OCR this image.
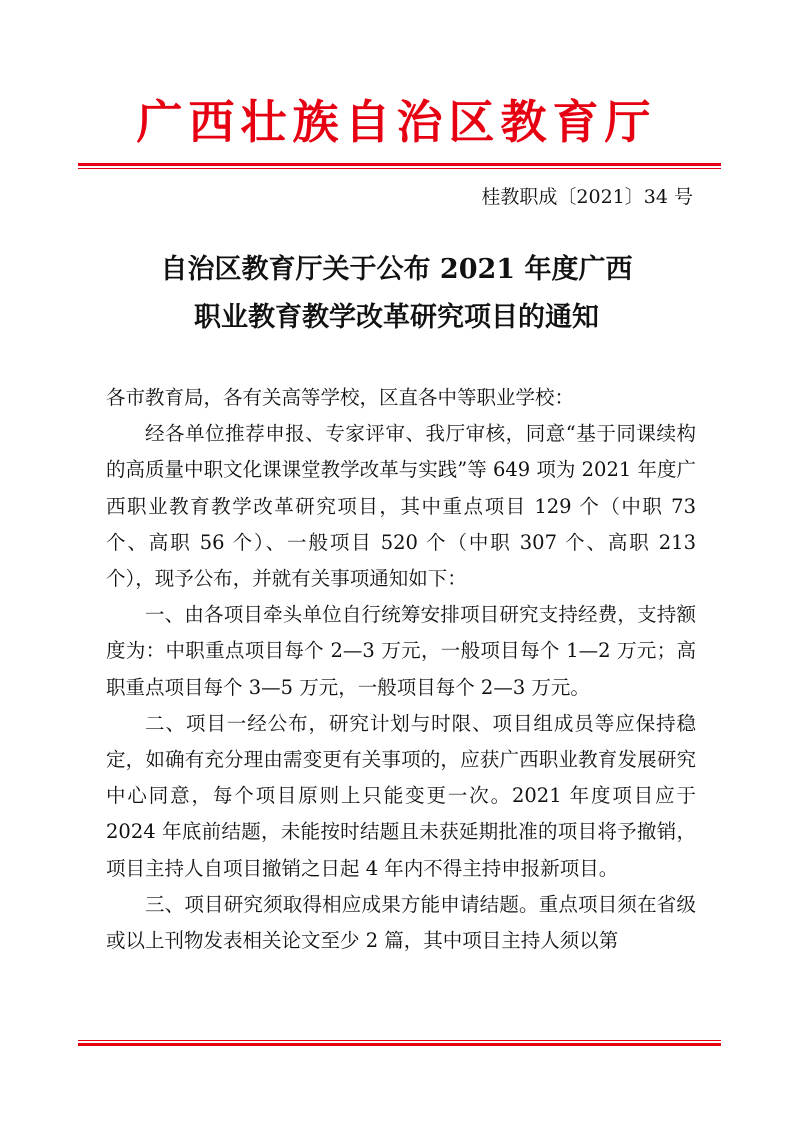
广西壮族自治区教育厅
桂教职成〔2021〕34 号
自治区教育厅关于公布 2021 年度广西
职业教育教学改革研究项目的通知

各市教育局，各有关高等学校，区直各中等职业学校：

经各单位推荐申报、专家评审、我厅审核，同意“基于同课续构的高质量中职文化课课堂教学改革与实践”等 649 项为 2021 年度广西职业教育教学改革研究项目，其中重点项目 129 个（中职 73 个、高职 56 个）、一般项目 520 个（中职 307 个、高职 213 个），现予公布，并就有关事项通知如下：

一、由各项目牵头单位自行统筹安排项目研究支持经费，支持额度为：中职重点项目每个 2—3 万元，一般项目每个 1—2 万元；高职重点项目每个 3—5 万元，一般项目每个 2—3 万元。

二、项目一经公布，研究计划与时限、项目组成员等应保持稳定，如确有充分理由需变更有关事项的，应获广西职业教育发展研究中心同意，每个项目原则上只能变更一次。2021 年度项目应于 2024 年底前结题，未能按时结题且未获延期批准的项目将予撤销，项目主持人自项目撤销之日起 4 年内不得主持申报新项目。

三、项目研究须取得相应成果方能申请结题。重点项目须在省级或以上刊物发表相关论文至少 2 篇，其中项目主持人须以第
